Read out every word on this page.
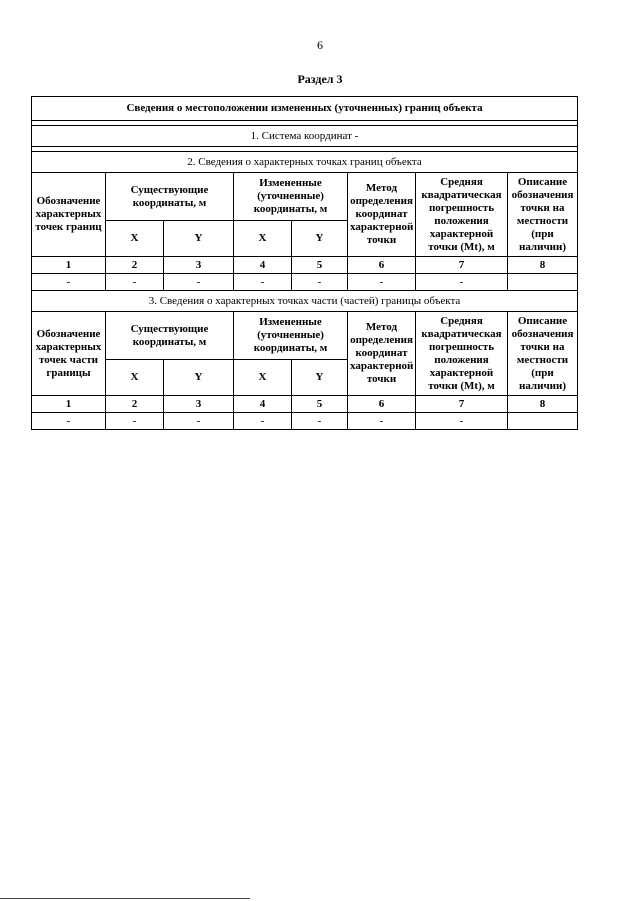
6
Раздел 3
Сведения о местоположении измененных (уточненных) границ объекта							

1. Система координат -							

2. Сведения о характерных точках границ объекта							
Обозначение характерных точек границ	Существующие координаты, м		Измененные (уточненные) координаты, м		Метод определения координат характерной точки	Средняя квадратическая погрешность положения характерной точки (Mt), м	Описание обозначения точки на местности (при наличии)
	X	Y	X	Y			
1	2	3	4	5	6	7	8
-	-	-	-	-	-	-	
3. Сведения о характерных точках части (частей) границы объекта							
Обозначение характерных точек части границы	Существующие координаты, м		Измененные (уточненные) координаты, м		Метод определения координат характерной точки	Средняя квадратическая погрешность положения характерной точки (Mt), м	Описание обозначения точки на местности (при наличии)
	X	Y	X	Y			
1	2	3	4	5	6	7	8
-	-	-	-	-	-	-	
